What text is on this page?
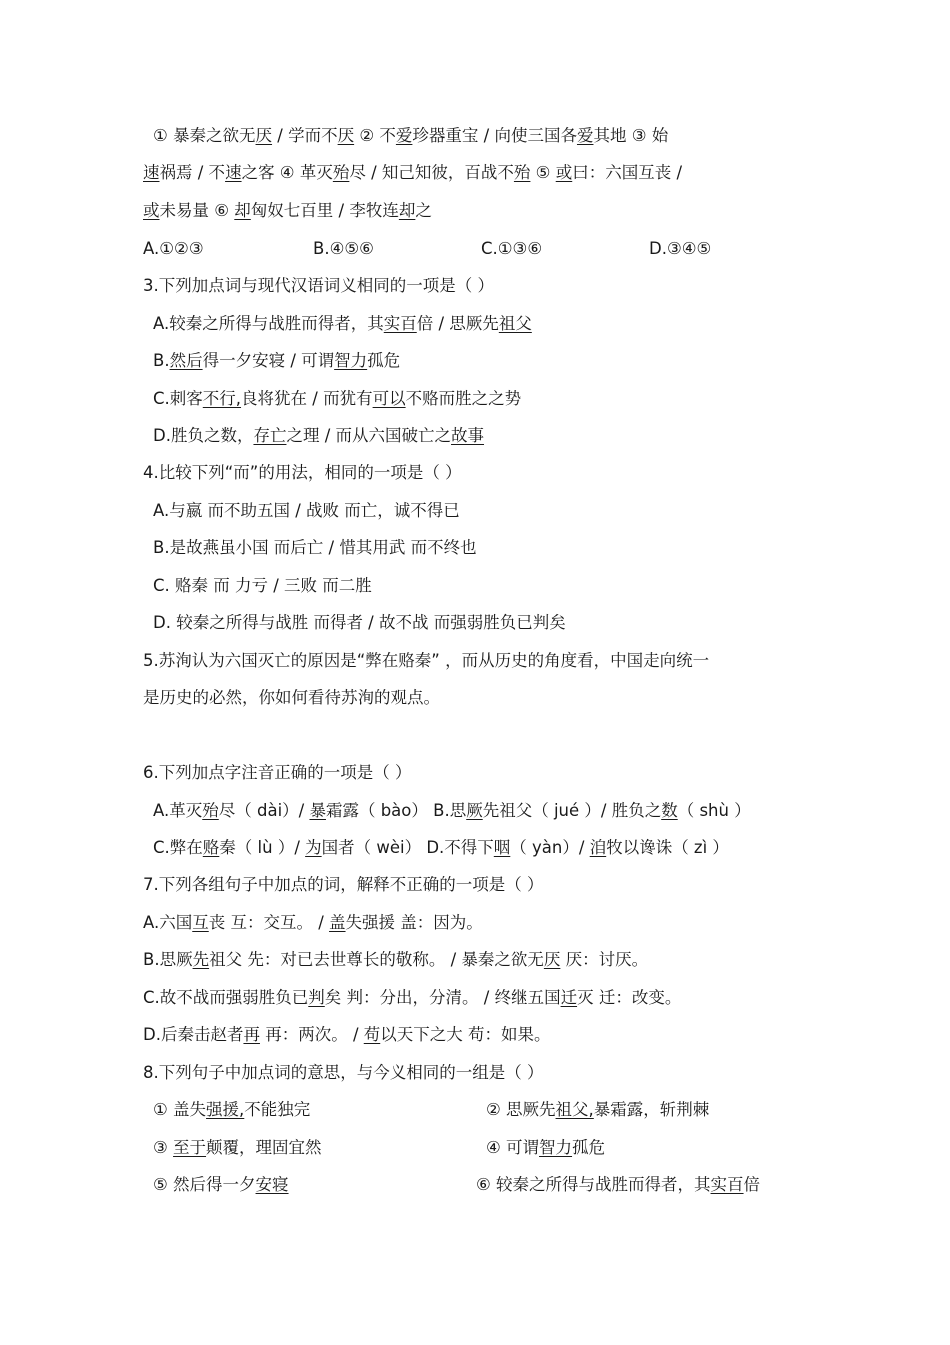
① 暴秦之欲无厌 / 学而不厌 ② 不爱珍器重宝 / 向使三国各爱其地 ③ 始
速祸焉 / 不速之客 ④ 革灭殆尽 / 知己知彼，百战不殆 ⑤ 或曰：六国互丧 /
或未易量 ⑥ 却匈奴七百里 / 李牧连却之
A.①②③	B.④⑤⑥	C.①③⑥	D.③④⑤
3.下列加点词与现代汉语词义相同的一项是（ ）
A.较秦之所得与战胜而得者，其实百倍 / 思厥先祖父
B.然后得一夕安寝 / 可谓智力孤危
C.刺客不行,良将犹在 / 而犹有可以不赂而胜之之势
D.胜负之数，存亡之理 / 而从六国破亡之故事
4.比较下列“而”的用法，相同的一项是（ ）
A.与嬴 而不助五国 / 战败 而亡，诚不得已
B.是故燕虽小国 而后亡 / 惜其用武 而不终也
C. 赂秦 而 力亏 / 三败 而二胜
D. 较秦之所得与战胜 而得者 / 故不战 而强弱胜负已判矣
5.苏洵认为六国灭亡的原因是“弊在赂秦” ，而从历史的角度看，中国走向统一
是历史的必然，你如何看待苏洵的观点。
6.下列加点字注音正确的一项是（ ）
A.革灭殆尽（ dài）/ 暴霜露（ bào） B.思厥先祖父（ jué ）/ 胜负之数（ shù ）
C.弊在赂秦（ lù ）/ 为国者（ wèi） D.不得下咽（ yàn）/ 洎牧以谗诛（ zì ）
7.下列各组句子中加点的词，解释不正确的一项是（ ）
A.六国互丧 互：交互。 / 盖失强援 盖：因为。
B.思厥先祖父 先：对已去世尊长的敬称。 / 暴秦之欲无厌 厌：讨厌。
C.故不战而强弱胜负已判矣 判：分出，分清。 / 终继五国迁灭 迁：改变。
D.后秦击赵者再 再：两次。 / 苟以天下之大 苟：如果。
8.下列句子中加点词的意思，与今义相同的一组是（ ）
① 盖失强援,不能独完	② 思厥先祖父,暴霜露，斩荆棘
③ 至于颠覆，理固宜然	④ 可谓智力孤危
⑤ 然后得一夕安寝	⑥ 较秦之所得与战胜而得者，其实百倍
